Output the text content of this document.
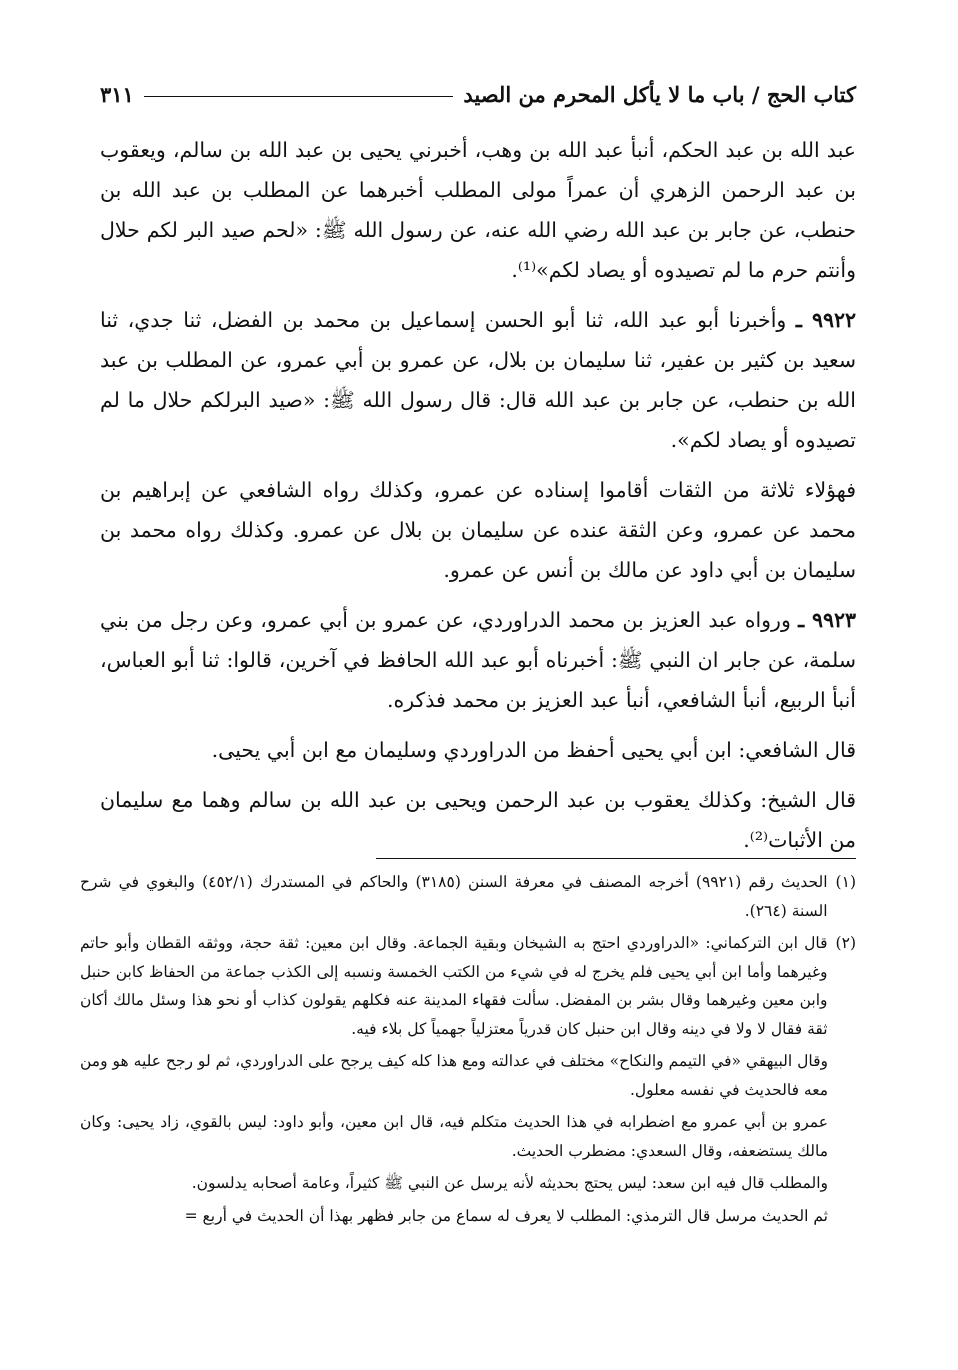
كتاب الحج / باب ما لا يأكل المحرم من الصيد
٣١١

عبد الله بن عبد الحكم، أنبأ عبد الله بن وهب، أخبرني يحيى بن عبد الله بن سالم، ويعقوب بن عبد الرحمن الزهري أن عمراً مولى المطلب أخبرهما عن المطلب بن عبد الله بن حنطب، عن جابر بن عبد الله رضي الله عنه، عن رسول الله ﷺ: «لحم صيد البر لكم حلال وأنتم حرم ما لم تصيدوه أو يصاد لكم»⁽¹⁾.

٩٩٢٢ ـ وأخبرنا أبو عبد الله، ثنا أبو الحسن إسماعيل بن محمد بن الفضل، ثنا جدي، ثنا سعيد بن كثير بن عفير، ثنا سليمان بن بلال، عن عمرو بن أبي عمرو، عن المطلب بن عبد الله بن حنطب، عن جابر بن عبد الله قال: قال رسول الله ﷺ: «صيد البرلكم حلال ما لم تصيدوه أو يصاد لكم».

فهؤلاء ثلاثة من الثقات أقاموا إسناده عن عمرو، وكذلك رواه الشافعي عن إبراهيم بن محمد عن عمرو، وعن الثقة عنده عن سليمان بن بلال عن عمرو. وكذلك رواه محمد بن سليمان بن أبي داود عن مالك بن أنس عن عمرو.

٩٩٢٣ ـ ورواه عبد العزيز بن محمد الدراوردي، عن عمرو بن أبي عمرو، وعن رجل من بني سلمة، عن جابر ان النبي ﷺ: أخبرناه أبو عبد الله الحافظ في آخرين، قالوا: ثنا أبو العباس، أنبأ الربيع، أنبأ الشافعي، أنبأ عبد العزيز بن محمد فذكره.

قال الشافعي: ابن أبي يحيى أحفظ من الدراوردي وسليمان مع ابن أبي يحيى.

قال الشيخ: وكذلك يعقوب بن عبد الرحمن ويحيى بن عبد الله بن سالم وهما مع سليمان من الأثبات⁽²⁾.

(١)
الحديث رقم (٩٩٢١) أخرجه المصنف في معرفة السنن (٣١٨٥) والحاكم في المستدرك (٤٥٢/١) والبغوي في شرح السنة (٢٦٤).
(٢)
قال ابن التركماني: «الدراوردي احتج به الشيخان وبقية الجماعة. وقال ابن معين: ثقة حجة، ووثقه القطان وأبو حاتم وغيرهما وأما ابن أبي يحيى فلم يخرج له في شيء من الكتب الخمسة ونسبه إلى الكذب جماعة من الحفاظ كابن حنبل وابن معين وغيرهما وقال بشر بن المفضل. سألت فقهاء المدينة عنه فكلهم يقولون كذاب أو نحو هذا وسئل مالك أكان ثقة فقال لا ولا في دينه وقال ابن حنبل كان قدرياً معتزلياً جهمياً كل بلاء فيه.
وقال البيهقي «في التيمم والنكاح» مختلف في عدالته ومع هذا كله كيف يرجح على الدراوردي، ثم لو رجح عليه هو ومن معه فالحديث في نفسه معلول.
عمرو بن أبي عمرو مع اضطرابه في هذا الحديث متكلم فيه، قال ابن معين، وأبو داود: ليس بالقوي، زاد يحيى: وكان مالك يستضعفه، وقال السعدي: مضطرب الحديث.
والمطلب قال فيه ابن سعد: ليس يحتج بحديثه لأنه يرسل عن النبي ﷺ كثيراً، وعامة أصحابه يدلسون.
ثم الحديث مرسل قال الترمذي: المطلب لا يعرف له سماع من جابر فظهر بهذا أن الحديث في أربع =
